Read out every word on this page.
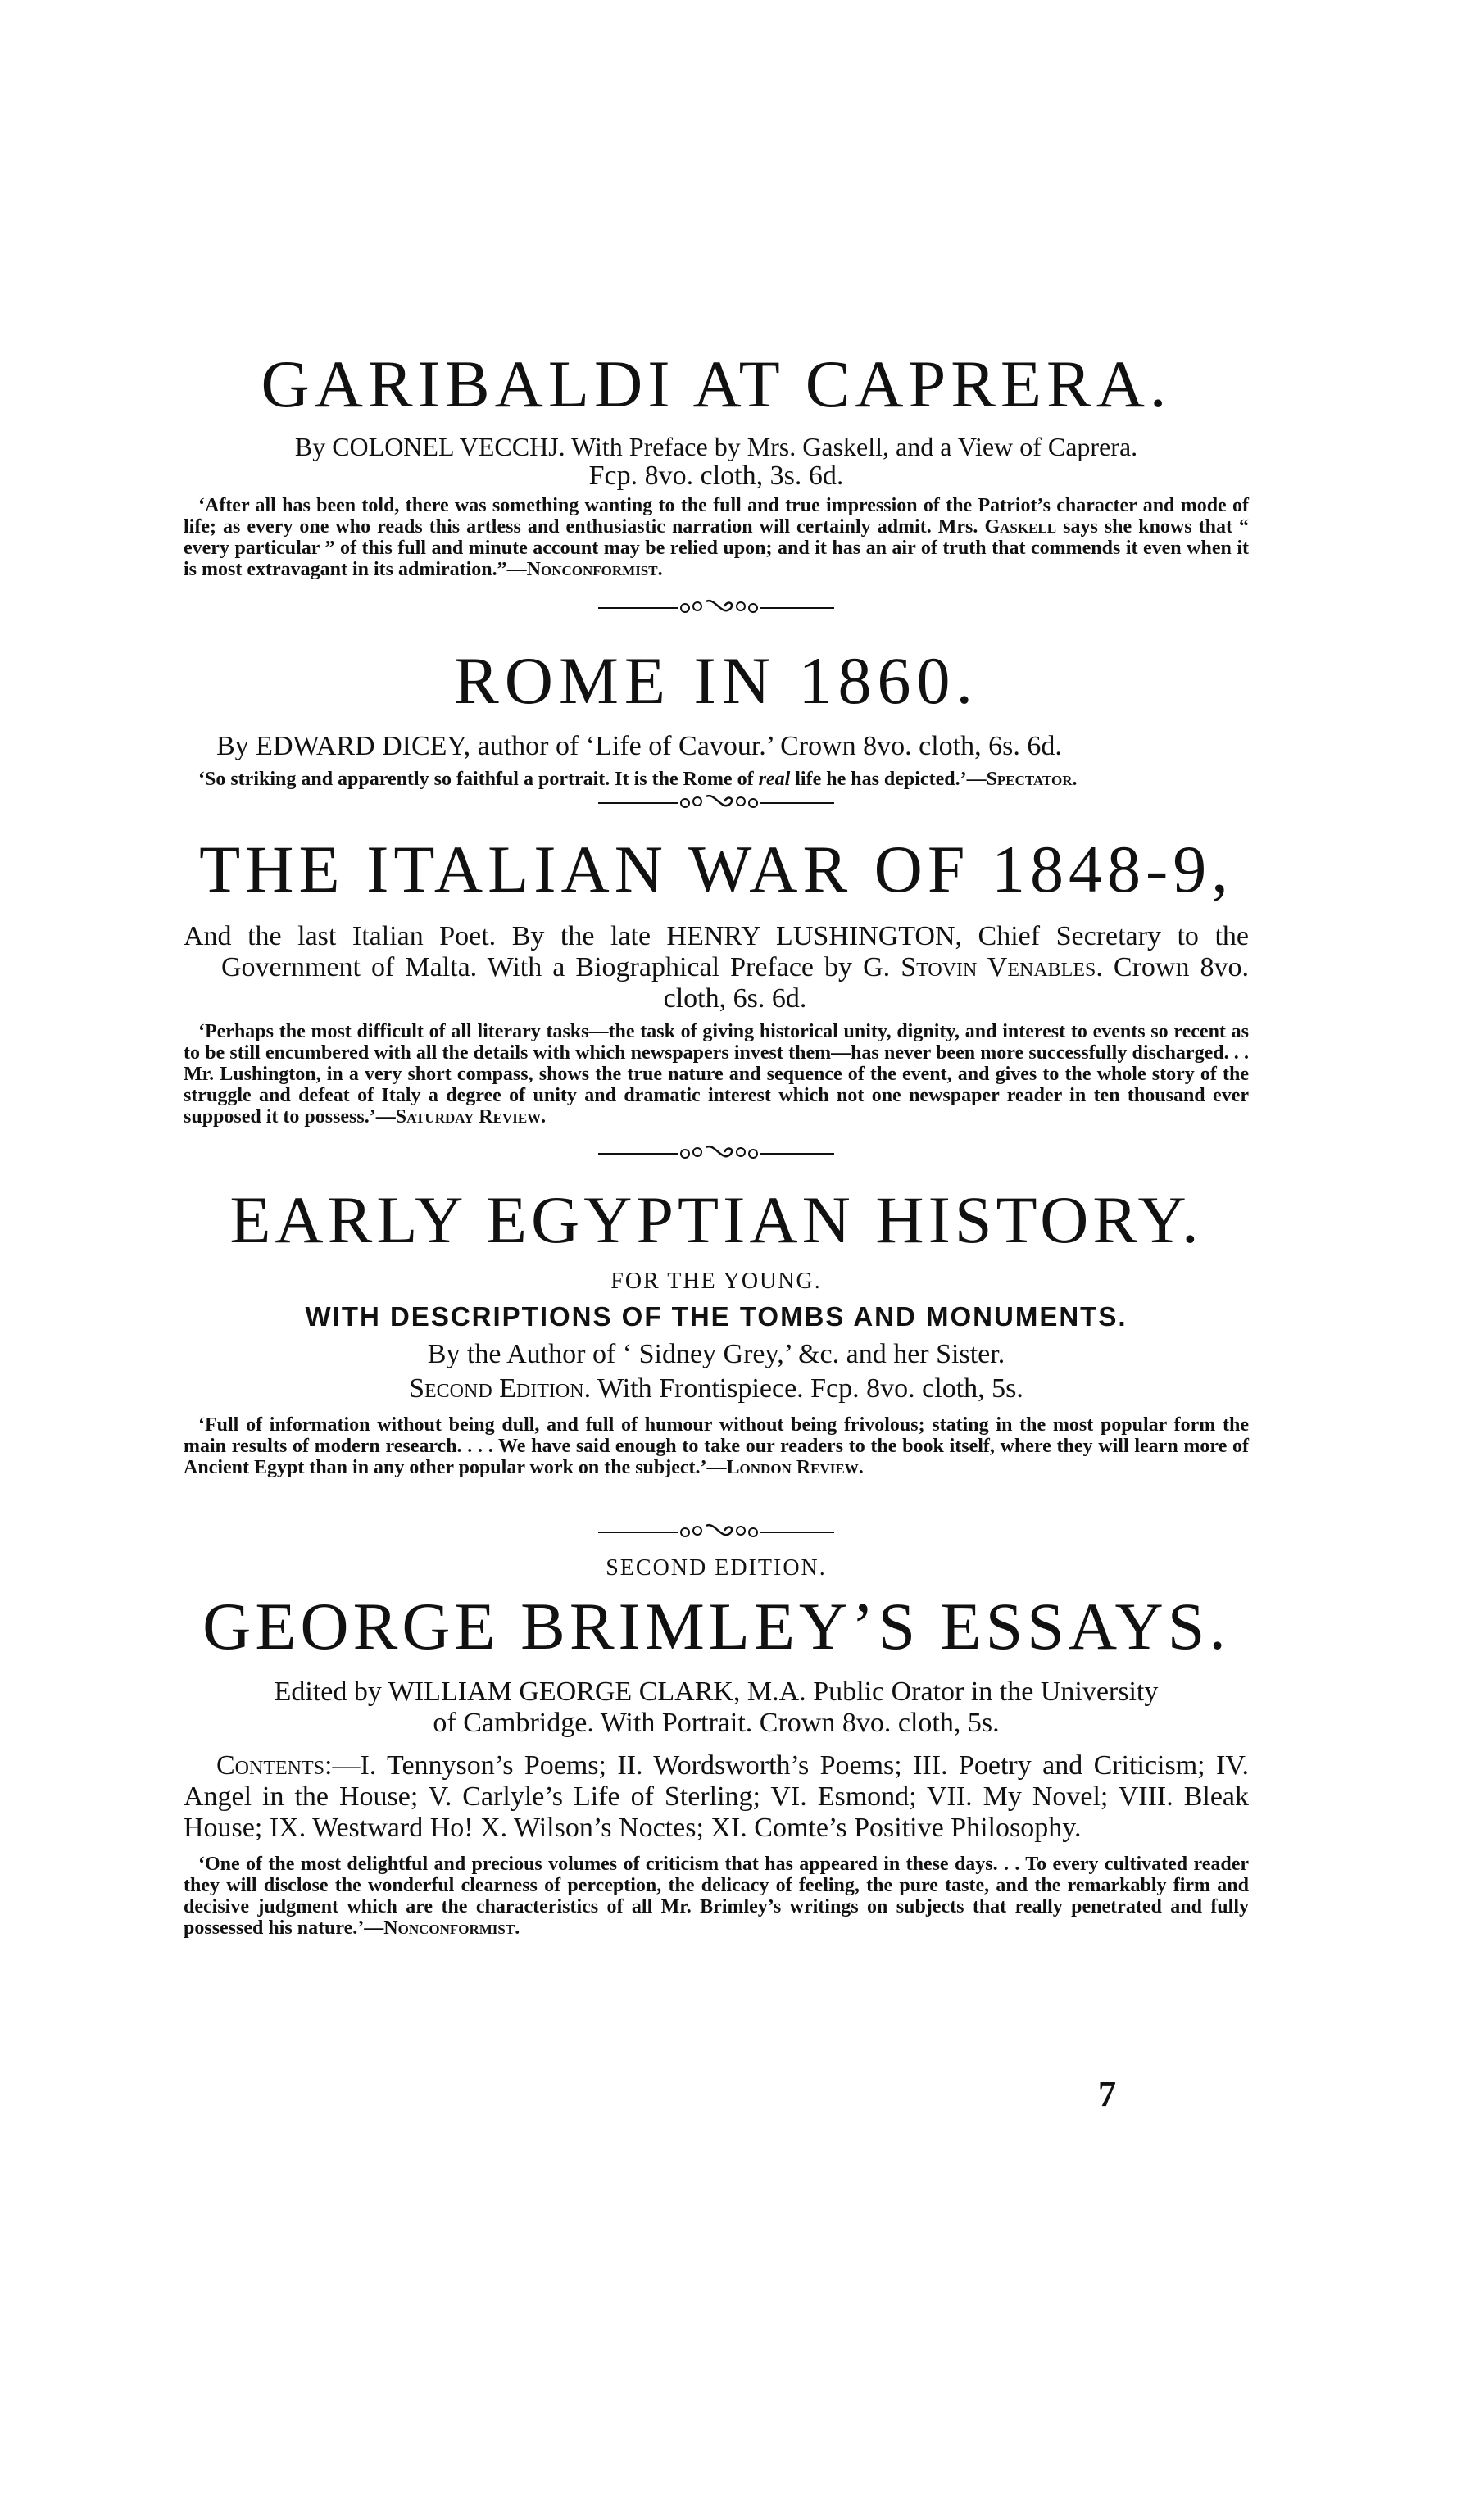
GARIBALDI AT CAPRERA.

By COLONEL VECCHJ. With Preface by Mrs. Gaskell, and a View of Caprera.

Fcp. 8vo. cloth, 3s. 6d.

‘After all has been told, there was something wanting to the full and true impression of the Patriot’s character and mode of life; as every one who reads this artless and enthusiastic narration will certainly admit. Mrs. Gaskell says she knows that “ every particular ” of this full and minute account may be relied upon; and it has an air of truth that commends it even when it is most extravagant in its admiration.”—Nonconformist.

ROME IN 1860.

By EDWARD DICEY, author of ‘Life of Cavour.’ Crown 8vo. cloth, 6s. 6d.

‘So striking and apparently so faithful a portrait. It is the Rome of real life he has depicted.’—Spectator.

THE ITALIAN WAR OF 1848-9,

And the last Italian Poet. By the late HENRY LUSHINGTON, Chief Secretary to the Government of Malta. With a Biographical Preface by G. Stovin Venables. Crown 8vo. cloth, 6s. 6d.

‘Perhaps the most difficult of all literary tasks—the task of giving historical unity, dignity, and interest to events so recent as to be still encumbered with all the details with which newspapers invest them—has never been more successfully discharged. . . Mr. Lushington, in a very short compass, shows the true nature and sequence of the event, and gives to the whole story of the struggle and defeat of Italy a degree of unity and dramatic interest which not one newspaper reader in ten thousand ever supposed it to possess.’—Saturday Review.

EARLY EGYPTIAN HISTORY.

FOR THE YOUNG.

WITH DESCRIPTIONS OF THE TOMBS AND MONUMENTS.

By the Author of ‘ Sidney Grey,’ &c. and her Sister.

Second Edition. With Frontispiece. Fcp. 8vo. cloth, 5s.

‘Full of information without being dull, and full of humour without being frivolous; stating in the most popular form the main results of modern research. . . . We have said enough to take our readers to the book itself, where they will learn more of Ancient Egypt than in any other popular work on the subject.’—London Review.

SECOND EDITION.

GEORGE BRIMLEY’S ESSAYS.

Edited by WILLIAM GEORGE CLARK, M.A. Public Orator in the University

of Cambridge. With Portrait. Crown 8vo. cloth, 5s.

Contents:—I. Tennyson’s Poems; II. Wordsworth’s Poems; III. Poetry and Criticism; IV. Angel in the House; V. Carlyle’s Life of Sterling; VI. Esmond; VII. My Novel; VIII. Bleak House; IX. Westward Ho! X. Wilson’s Noctes; XI. Comte’s Positive Philosophy.

‘One of the most delightful and precious volumes of criticism that has appeared in these days. . . To every cultivated reader they will disclose the wonderful clearness of perception, the delicacy of feeling, the pure taste, and the remarkably firm and decisive judgment which are the characteristics of all Mr. Brimley’s writings on subjects that really penetrated and fully possessed his nature.’—Nonconformist.

7
